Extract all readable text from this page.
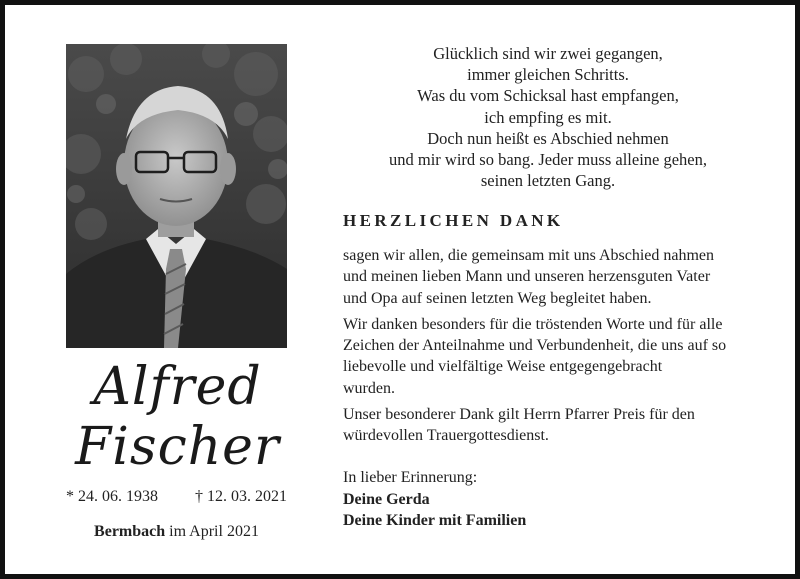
Alfred
Fischer
* 24. 06. 1938 † 12. 03. 2021
Bermbach im April 2021
Glücklich sind wir zwei gegangen,
immer gleichen Schritts.
Was du vom Schicksal hast empfangen,
ich empfing es mit.
Doch nun heißt es Abschied nehmen
und mir wird so bang. Jeder muss alleine gehen,
seinen letzten Gang.
HERZLICHEN DANK
sagen wir allen, die gemeinsam mit uns Abschied nahmen
und meinen lieben Mann und unseren herzensguten Vater
und Opa auf seinen letzten Weg begleitet haben.
Wir danken besonders für die tröstenden Worte und für alle
Zeichen der Anteilnahme und Verbundenheit, die uns auf so
liebevolle und vielfältige Weise entgegengebracht
wurden.
Unser besonderer Dank gilt Herrn Pfarrer Preis für den
würdevollen Trauergottesdienst.
In lieber Erinnerung:
Deine Gerda
Deine Kinder mit Familien
